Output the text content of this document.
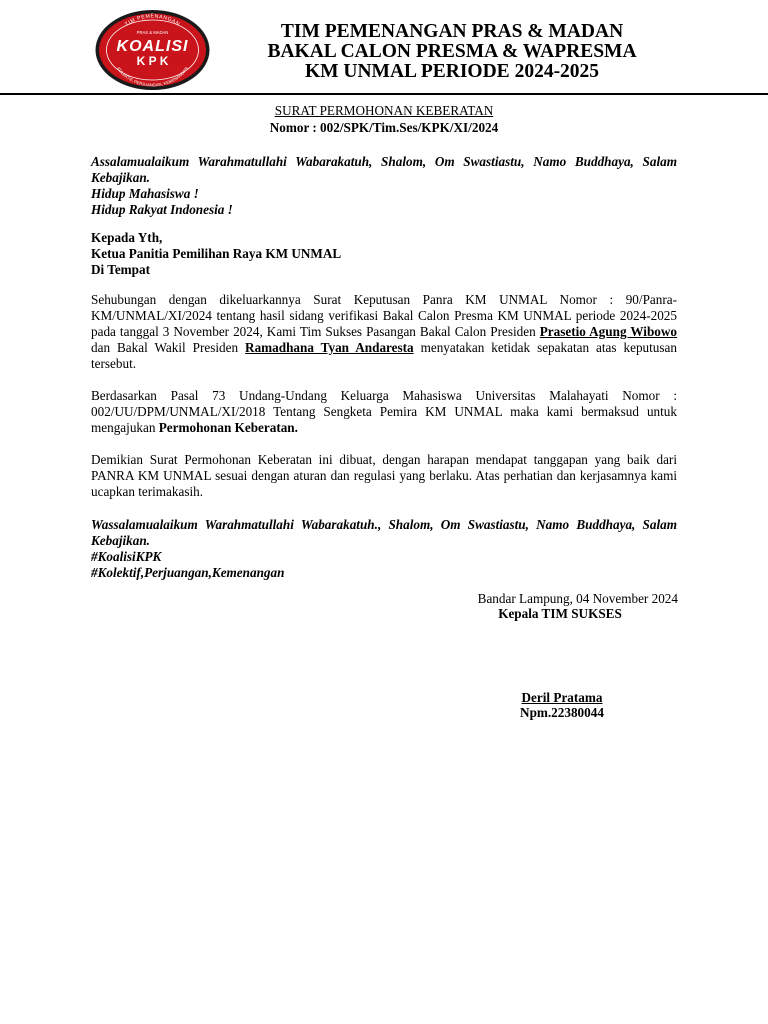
TIM PEMENANGAN
PRAS & MADAN
KOALISI
K P K
KOLEKTIF, PERJUANGAN, KEMENANGAN
TIM PEMENANGAN PRAS & MADAN
BAKAL CALON PRESMA & WAPRESMA
KM UNMAL PERIODE 2024-2025
SURAT PERMOHONAN KEBERATAN
Nomor : 002/SPK/Tim.Ses/KPK/XI/2024

Assalamualaikum Warahmatullahi Wabarakatuh, Shalom, Om Swastiastu, Namo Buddhaya, Salam Kebajikan.

Hidup Mahasiswa !

Hidup Rakyat Indonesia !

Kepada Yth,

Ketua Panitia Pemilihan Raya KM UNMAL

Di Tempat

Sehubungan dengan dikeluarkannya Surat Keputusan Panra KM UNMAL Nomor : 90/Panra-KM/UNMAL/XI/2024 tentang hasil sidang verifikasi Bakal Calon Presma KM UNMAL periode 2024-2025 pada tanggal 3 November 2024, Kami Tim Sukses Pasangan Bakal Calon Presiden Prasetio Agung Wibowo dan Bakal Wakil Presiden Ramadhana Tyan Andaresta menyatakan ketidak sepakatan atas keputusan tersebut.

Berdasarkan Pasal 73 Undang-Undang Keluarga Mahasiswa Universitas Malahayati Nomor : 002/UU/DPM/UNMAL/XI/2018 Tentang Sengketa Pemira KM UNMAL maka kami bermaksud untuk mengajukan Permohonan Keberatan.

Demikian Surat Permohonan Keberatan ini dibuat, dengan harapan mendapat tanggapan yang baik dari PANRA KM UNMAL sesuai dengan aturan dan regulasi yang berlaku. Atas perhatian dan kerjasamnya kami ucapkan terimakasih.

Wassalamualaikum Warahmatullahi Wabarakatuh., Shalom, Om Swastiastu, Namo Buddhaya, Salam Kebajikan.

#KoalisiKPK

#Kolektif,Perjuangan,Kemenangan

Bandar Lampung, 04 November 2024
Kepala TIM SUKSES
Deril Pratama
Npm.22380044
